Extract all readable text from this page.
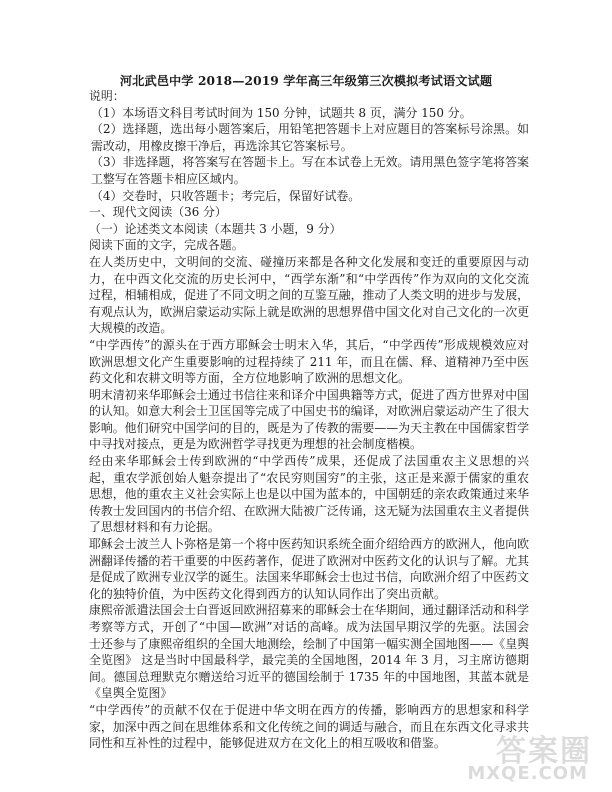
河北武邑中学 2018—2019 学年高三年级第三次模拟考试语文试题

说明：

（1）本场语文科目考试时间为 150 分钟，试题共 8 页，满分 150 分。

（2）选择题，选出每小题答案后，用铅笔把答题卡上对应题目的答案标号涂黑。如需改动，用橡皮擦干净后，再选涂其它答案标号。

（3）非选择题，将答案写在答题卡上。写在本试卷上无效。请用黑色签字笔将答案工整写在答题卡相应区域内。

（4）交卷时，只收答题卡；考完后，保留好试卷。

一、现代文阅读（36 分）

（一）论述类文本阅读（本题共 3 小题，9 分）

阅读下面的文字，完成各题。

在人类历史中，文明间的交流、碰撞历来都是各种文化发展和变迁的重要原因与动力，在中西文化交流的历史长河中，“西学东渐”和“中学西传”作为双向的文化交流过程，相辅相成，促进了不同文明之间的互鉴互融，推动了人类文明的进步与发展，有观点认为，欧洲启蒙运动实际上就是欧洲的思想界借中国文化对自己文化的一次更大规模的改造。

“中学西传”的源头在于西方耶稣会士明末入华，其后，“中学西传”形成规模效应对欧洲思想文化产生重要影响的过程持续了 211 年，而且在儒、释、道精神乃至中医药文化和农耕文明等方面，全方位地影响了欧洲的思想文化。

明末清初来华耶稣会士通过书信往来和译介中国典籍等方式，促进了西方世界对中国的认知。如意大利会士卫匡国等完成了中国史书的编译，对欧洲启蒙运动产生了很大影响。他们研究中国学问的目的，既是为了传教的需要——为天主教在中国儒家哲学中寻找对接点，更是为欧洲哲学寻找更为理想的社会制度楷模。

经由来华耶稣会士传到欧洲的“中学西传”成果，还促成了法国重农主义思想的兴起，重农学派创始人魁奈提出了“农民穷则国穷”的主张，这正是来源于儒家的重农思想，他的重农主义社会实际上也是以中国为蓝本的，中国朝廷的亲农政策通过来华传教士发回国内的书信介绍、在欧洲大陆被广泛传诵，这无疑为法国重农主义者提供了思想材料和有力论据。

耶稣会士波兰人卜弥格是第一个将中医药知识系统全面介绍给西方的欧洲人，他向欧洲翻译传播的若干重要的中医药著作，促进了欧洲对中医药文化的认识与了解。尤其是促成了欧洲专业汉学的诞生。法国来华耶稣会士也过书信，向欧洲介绍了中医药文化的独特价值，为中医药文化得到西方的认知认同作出了突出贡献。

康熙帝派遣法国会士白晋返回欧洲招募来的耶稣会士在华期间，通过翻译活动和科学考察等方式，开创了“中国—欧洲”对话的高峰。成为法国早期汉学的先驱。法国会士还参与了康熙帝组织的全国大地测绘，绘制了中国第一幅实测全国地图——《皇舆全览图》 这是当时中国最科学，最完美的全国地图，2014 年 3 月，习主席访德期间。德国总理默克尔赠送给习近平的德国绘制于 1735 年的中国地图，其蓝本就是《皇舆全览图》

“中学西传”的贡献不仅在于促进中华文明在西方的传播，影响西方的思想家和科学家，加深中西之间在思维体系和文化传统之间的调适与融合，而且在东西文化寻求共同性和互补性的过程中，能够促进双方在文化上的相互吸收和借鉴。	答案圈
MXQE.COM
